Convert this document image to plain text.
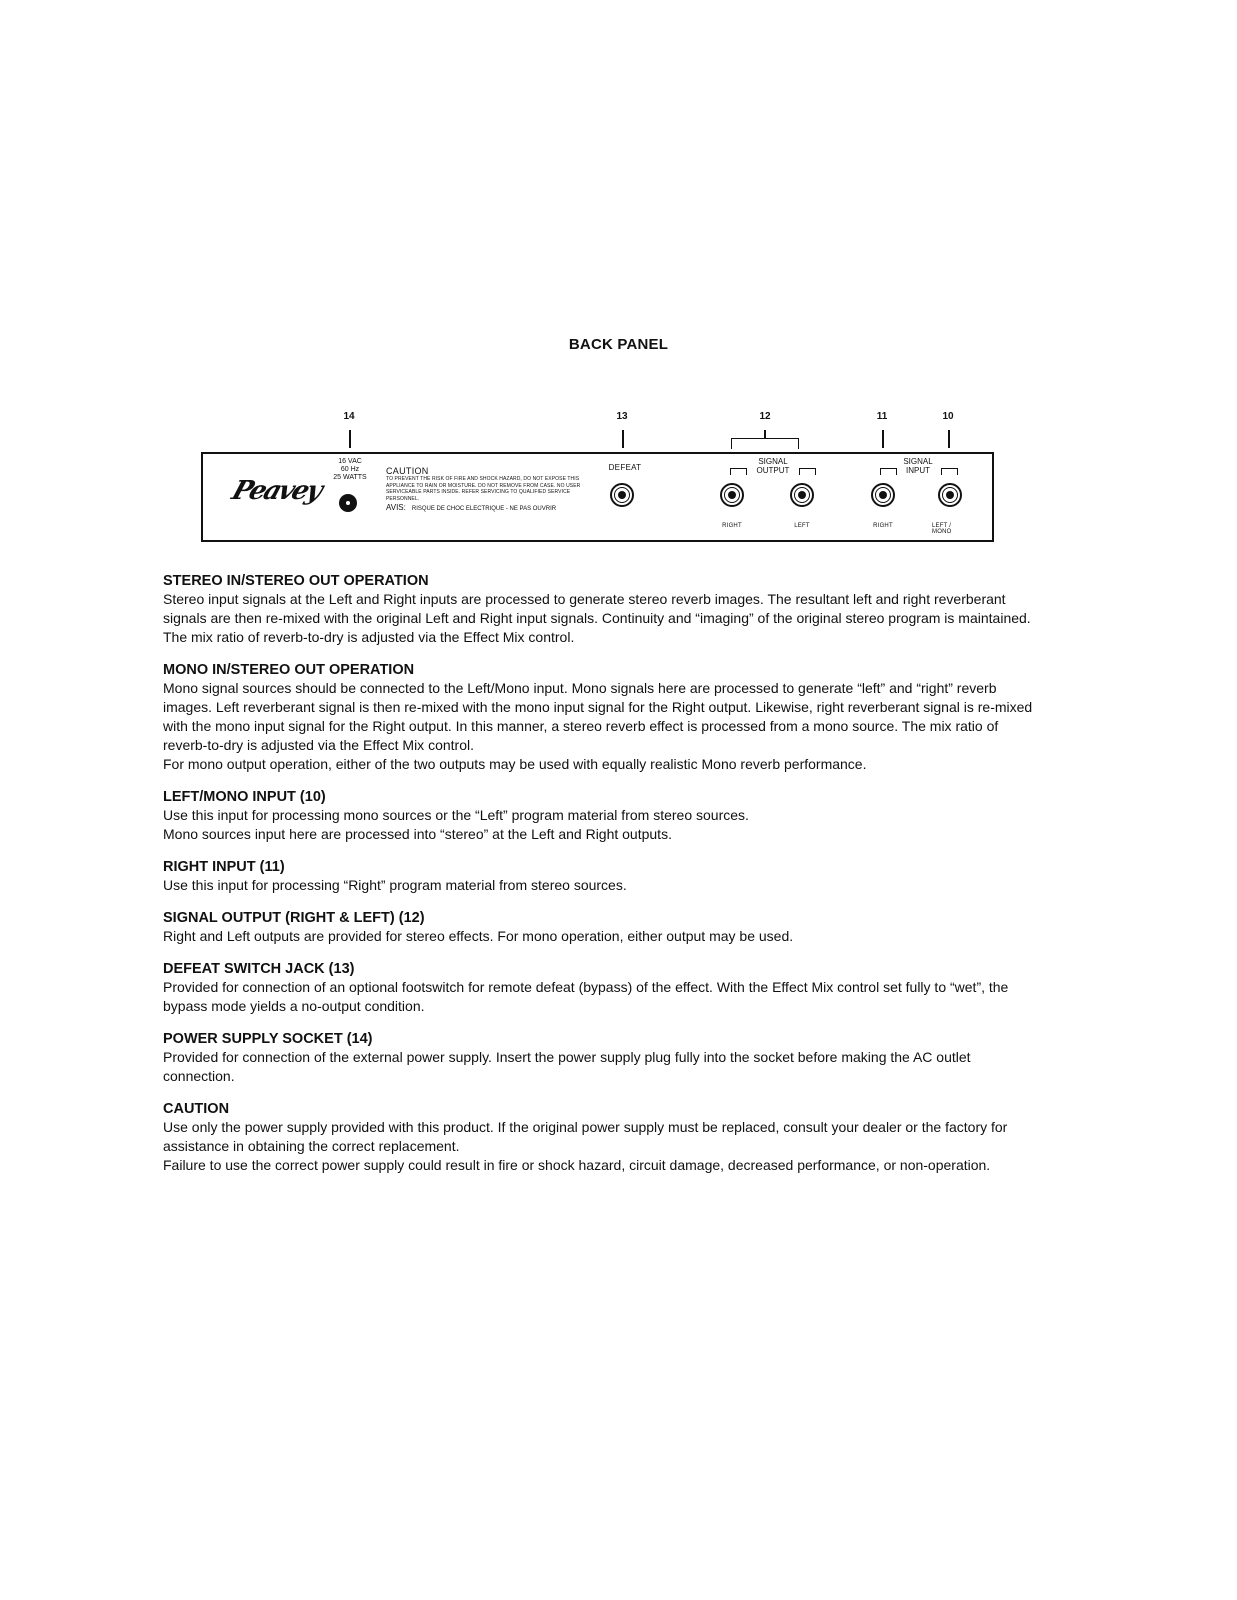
BACK PANEL
14	13	12	11	10
Peavey
16 VAC
60 Hz
25 WATTS
CAUTION
TO PREVENT THE RISK OF FIRE AND SHOCK HAZARD, DO NOT EXPOSE THIS APPLIANCE TO RAIN OR MOISTURE. DO NOT REMOVE FROM CASE. NO USER SERVICEABLE PARTS INSIDE. REFER SERVICING TO QUALIFIED SERVICE PERSONNEL.
AVIS: RISQUE DE CHOC ELECTRIQUE - NE PAS OUVRIR
DEFEAT
SIGNAL
OUTPUT
RIGHT	LEFT
SIGNAL
INPUT
RIGHT	LEFT / MONO
STEREO IN/STEREO OUT OPERATION

Stereo input signals at the Left and Right inputs are processed to generate stereo reverb images. The resultant left and right reverberant signals are then re-mixed with the original Left and Right input signals. Continuity and “imaging” of the original stereo program is maintained. The mix ratio of reverb-to-dry is adjusted via the Effect Mix control.

MONO IN/STEREO OUT OPERATION

Mono signal sources should be connected to the Left/Mono input. Mono signals here are processed to generate “left” and “right” reverb images. Left reverberant signal is then re-mixed with the mono input signal for the Right output. Likewise, right reverberant signal is re-mixed with the mono input signal for the Right output. In this manner, a stereo reverb effect is processed from a mono source. The mix ratio of reverb-to-dry is adjusted via the Effect Mix control.

For mono output operation, either of the two outputs may be used with equally realistic Mono reverb performance.

LEFT/MONO INPUT (10)

Use this input for processing mono sources or the “Left” program material from stereo sources.

Mono sources input here are processed into “stereo” at the Left and Right outputs.

RIGHT INPUT (11)

Use this input for processing “Right” program material from stereo sources.

SIGNAL OUTPUT (RIGHT & LEFT) (12)

Right and Left outputs are provided for stereo effects. For mono operation, either output may be used.

DEFEAT SWITCH JACK (13)

Provided for connection of an optional footswitch for remote defeat (bypass) of the effect. With the Effect Mix control set fully to “wet”, the bypass mode yields a no-output condition.

POWER SUPPLY SOCKET (14)

Provided for connection of the external power supply. Insert the power supply plug fully into the socket before making the AC outlet connection.

CAUTION

Use only the power supply provided with this product. If the original power supply must be replaced, consult your dealer or the factory for assistance in obtaining the correct replacement.

Failure to use the correct power supply could result in fire or shock hazard, circuit damage, decreased performance, or non-operation.
